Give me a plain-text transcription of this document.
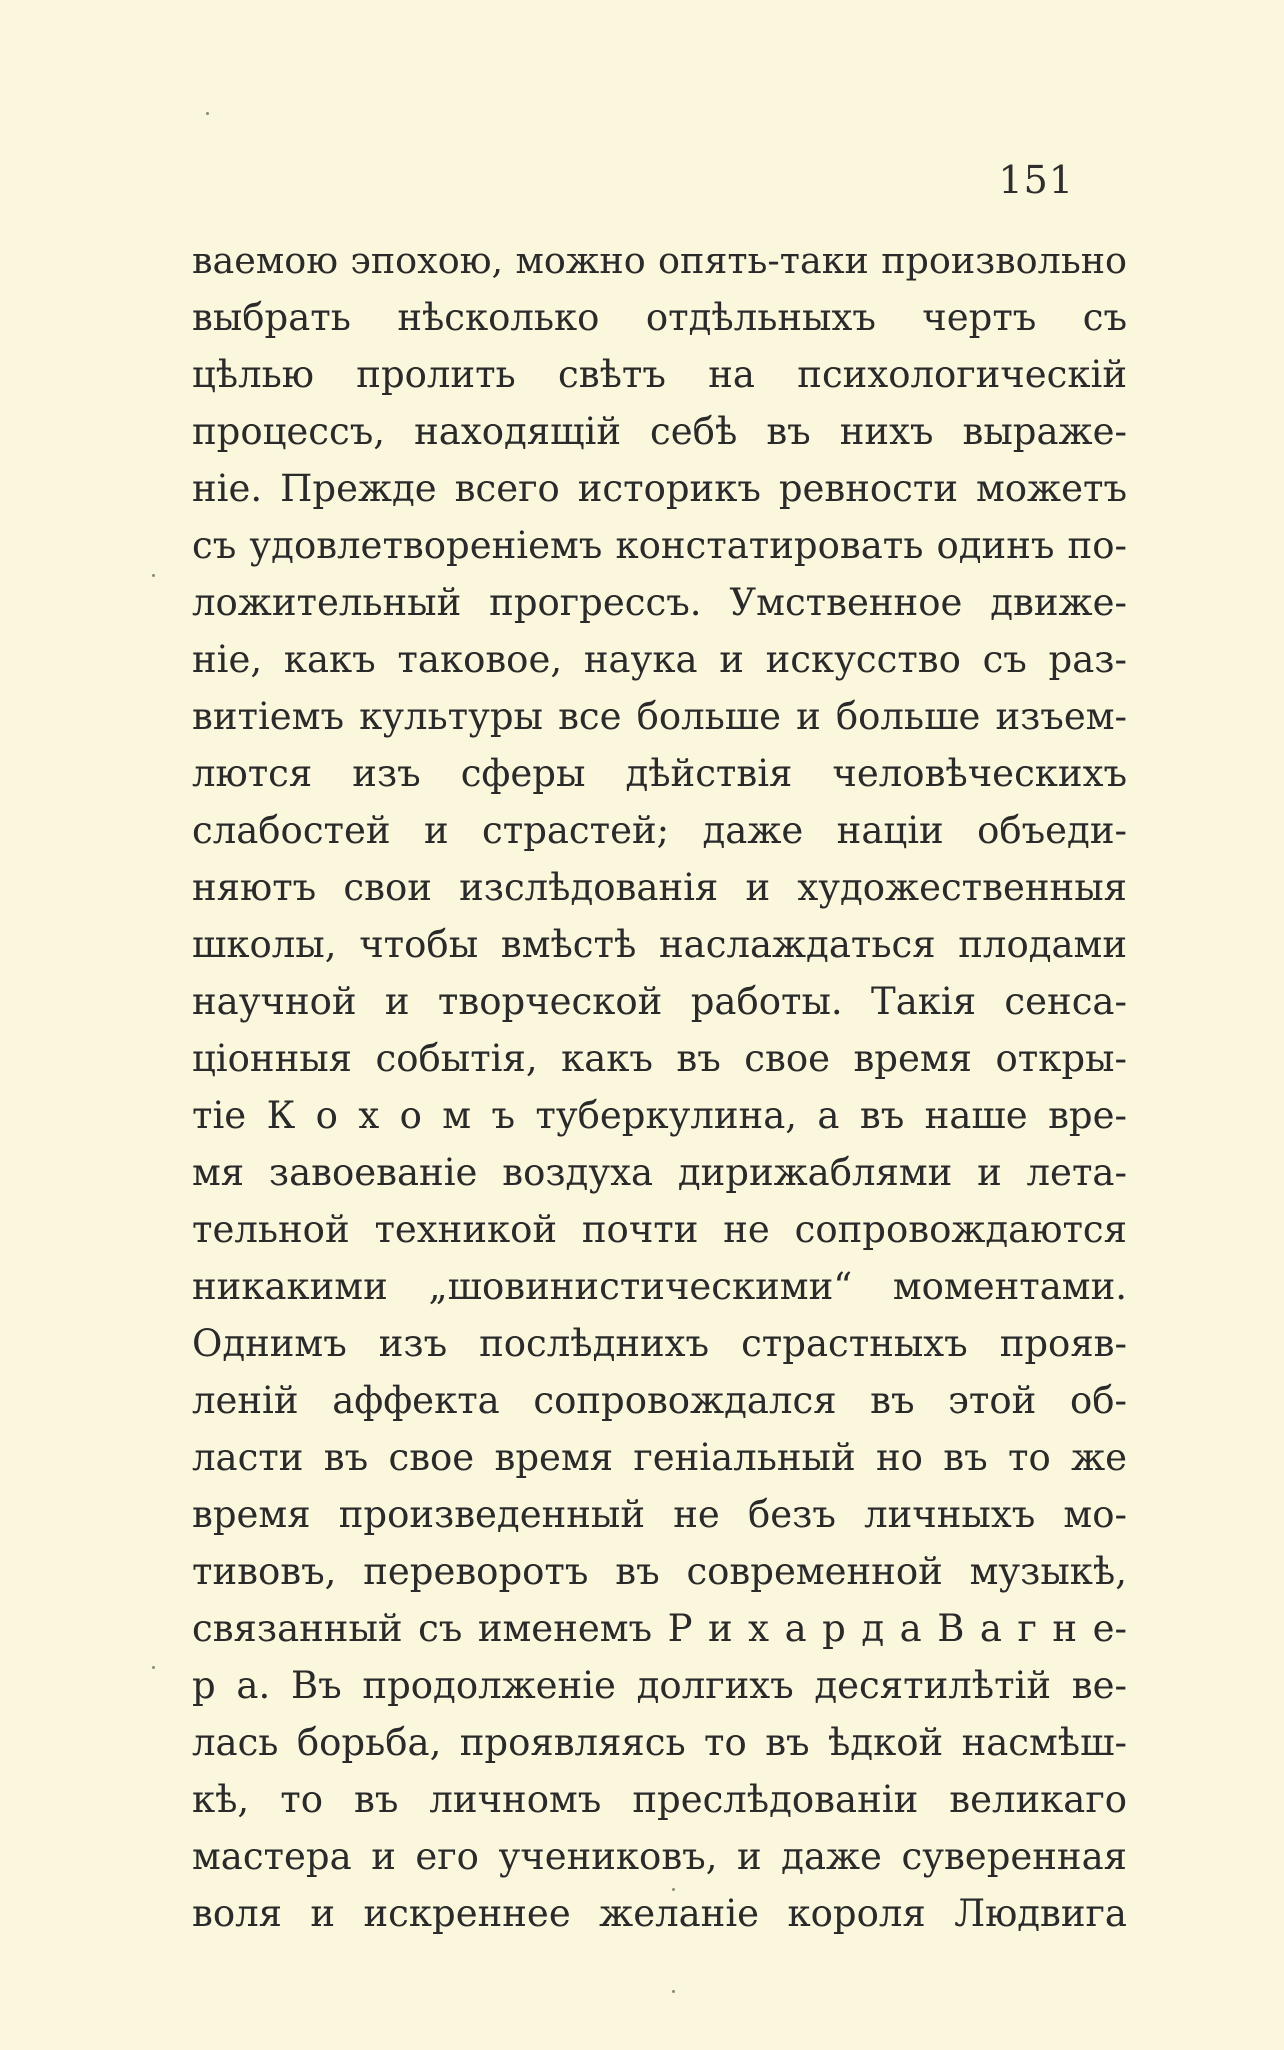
151
ваемою эпохою, можно опять-таки произвольно
выбрать нѣсколько отдѣльныхъ чертъ съ
цѣлью пролить свѣтъ на психологическій
процессъ, находящій себѣ въ нихъ выраже-
ніе. Прежде всего историкъ ревности можетъ
съ удовлетвореніемъ констатировать одинъ по-
ложительный прогрессъ. Умственное движе-
ніе, какъ таковое, наука и искусство съ раз-
витіемъ культуры все больше и больше изъем-
лются изъ сферы дѣйствія человѣческихъ
слабостей и страстей; даже націи объеди-
няютъ свои изслѣдованія и художественныя
школы, чтобы вмѣстѣ наслаждаться плодами
научной и творческой работы. Такія сенса-
ціонныя событія, какъ въ свое время откры-
тіе К о х о м ъ туберкулина, а въ наше вре-
мя завоеваніе воздуха дирижаблями и лета-
тельной техникой почти не сопровождаются
никакими „шовинистическими“ моментами.
Однимъ изъ послѣднихъ страстныхъ прояв-
леній аффекта сопровождался въ этой об-
ласти въ свое время геніальный но въ то же
время произведенный не безъ личныхъ мо-
тивовъ, переворотъ въ современной музыкѣ,
связанный съ именемъ Р и х а р д а В а г н е-
р а. Въ продолженіе долгихъ десятилѣтій ве-
лась борьба, проявляясь то въ ѣдкой насмѣш-
кѣ, то въ личномъ преслѣдованіи великаго
мастера и его учениковъ, и даже суверенная
воля и искреннее желаніе короля Людвига
